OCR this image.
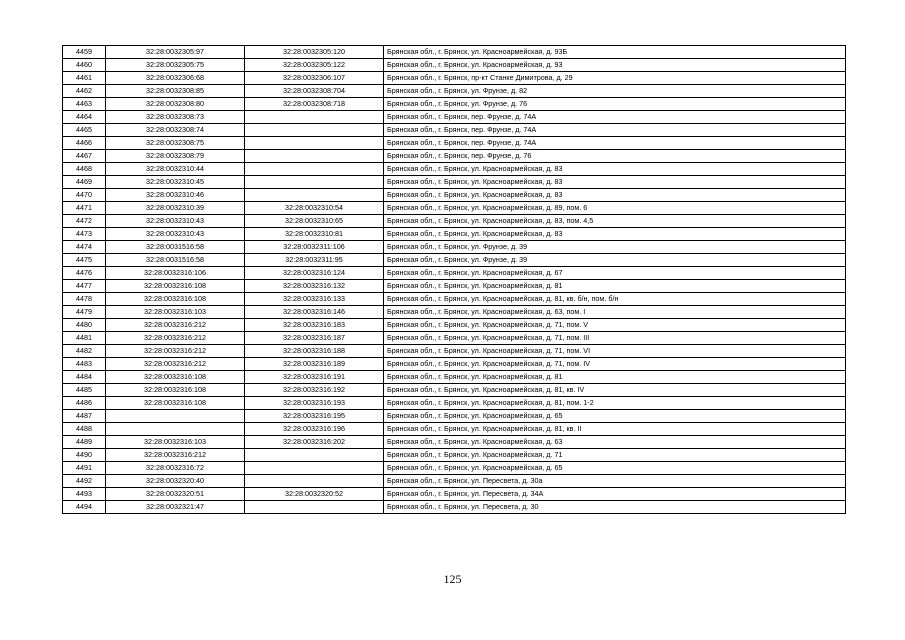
4459	32:28:0032305:97	32:28:0032305:120	Брянская обл., г. Брянск, ул. Красноармейская, д. 93Б
4460	32:28:0032305:75	32:28:0032305:122	Брянская обл., г. Брянск, ул. Красноармейская, д. 93
4461	32:28:0032306:68	32:28:0032306:107	Брянская обл., г. Брянск, пр-кт Станке Димитрова, д. 29
4462	32:28:0032308:85	32:28:0032308:704	Брянская обл., г. Брянск, ул. Фрунзе, д. 82
4463	32:28:0032308:80	32:28:0032308:718	Брянская обл., г. Брянск, ул. Фрунзе, д. 76
4464	32:28:0032308:73		Брянская обл., г. Брянск, пер. Фрунзе, д. 74А
4465	32:28:0032308:74		Брянская обл., г. Брянск, пер. Фрунзе, д. 74А
4466	32:28:0032308:75		Брянская обл., г. Брянск, пер. Фрунзе, д. 74А
4467	32:28:0032308:79		Брянская обл., г. Брянск, пер. Фрунзе, д. 76
4468	32:28:0032310:44		Брянская обл., г. Брянск, ул. Красноармейская, д. 83
4469	32:28:0032310:45		Брянская обл., г. Брянск, ул. Красноармейская, д. 83
4470	32:28:0032310:46		Брянская обл., г. Брянск, ул. Красноармейская, д. 83
4471	32:28:0032310:39	32:28:0032310:54	Брянская обл., г. Брянск, ул. Красноармейская, д. 89, пом. 6
4472	32:28:0032310:43	32:28:0032310:65	Брянская обл., г. Брянск, ул. Красноармейская, д. 83, пом. 4,5
4473	32:28:0032310:43	32:28:0032310:81	Брянская обл., г. Брянск, ул. Красноармейская, д. 83
4474	32:28:0031516:58	32:28:0032311:106	Брянская обл., г. Брянск, ул. Фрунзе, д. 39
4475	32:28:0031516:58	32:28:0032311:95	Брянская обл., г. Брянск, ул. Фрунзе, д. 39
4476	32:28:0032316:106	32:28:0032316:124	Брянская обл., г. Брянск, ул. Красноармейская, д. 67
4477	32:28:0032316:108	32:28:0032316:132	Брянская обл., г. Брянск, ул. Красноармейская, д. 81
4478	32:28:0032316:108	32:28:0032316:133	Брянская обл., г. Брянск, ул. Красноармейская, д. 81, кв. б/н, пом. б/н
4479	32:28:0032316:103	32:28:0032316:146	Брянская обл., г. Брянск, ул. Красноармейская, д. 63, пом. I
4480	32:28:0032316:212	32:28:0032316:183	Брянская обл., г. Брянск, ул. Красноармейская, д. 71, пом. V
4481	32:28:0032316:212	32:28:0032316:187	Брянская обл., г. Брянск, ул. Красноармейская, д. 71, пом. III
4482	32:28:0032316:212	32:28:0032316:188	Брянская обл., г. Брянск, ул. Красноармейская, д. 71, пом. VI
4483	32:28:0032316:212	32:28:0032316:189	Брянская обл., г. Брянск, ул. Красноармейская, д. 71, пом. IV
4484	32:28:0032316:108	32:28:0032316:191	Брянская обл., г. Брянск, ул. Красноармейская, д. 81
4485	32:28:0032316:108	32:28:0032316:192	Брянская обл., г. Брянск, ул. Красноармейская, д. 81, кв. IV
4486	32:28:0032316:108	32:28:0032316:193	Брянская обл., г. Брянск, ул. Красноармейская, д. 81, пом. 1-2
4487		32:28:0032316:195	Брянская обл., г. Брянск, ул. Красноармейская, д. 65
4488		32:28:0032316:196	Брянская обл., г. Брянск, ул. Красноармейская, д. 81, кв. II
4489	32:28:0032316:103	32:28:0032316:202	Брянская обл., г. Брянск, ул. Красноармейская, д. 63
4490	32:28:0032316:212		Брянская обл., г. Брянск, ул. Красноармейская, д. 71
4491	32:28:0032316:72		Брянская обл., г. Брянск, ул. Красноармейская, д. 65
4492	32:28:0032320:40		Брянская обл., г. Брянск, ул. Пересвета, д. 30а
4493	32:28:0032320:51	32:28:0032320:52	Брянская обл., г. Брянск, ул. Пересвета, д. 34А
4494	32:28:0032321:47		Брянская обл., г. Брянск, ул. Пересвета, д. 30
125
